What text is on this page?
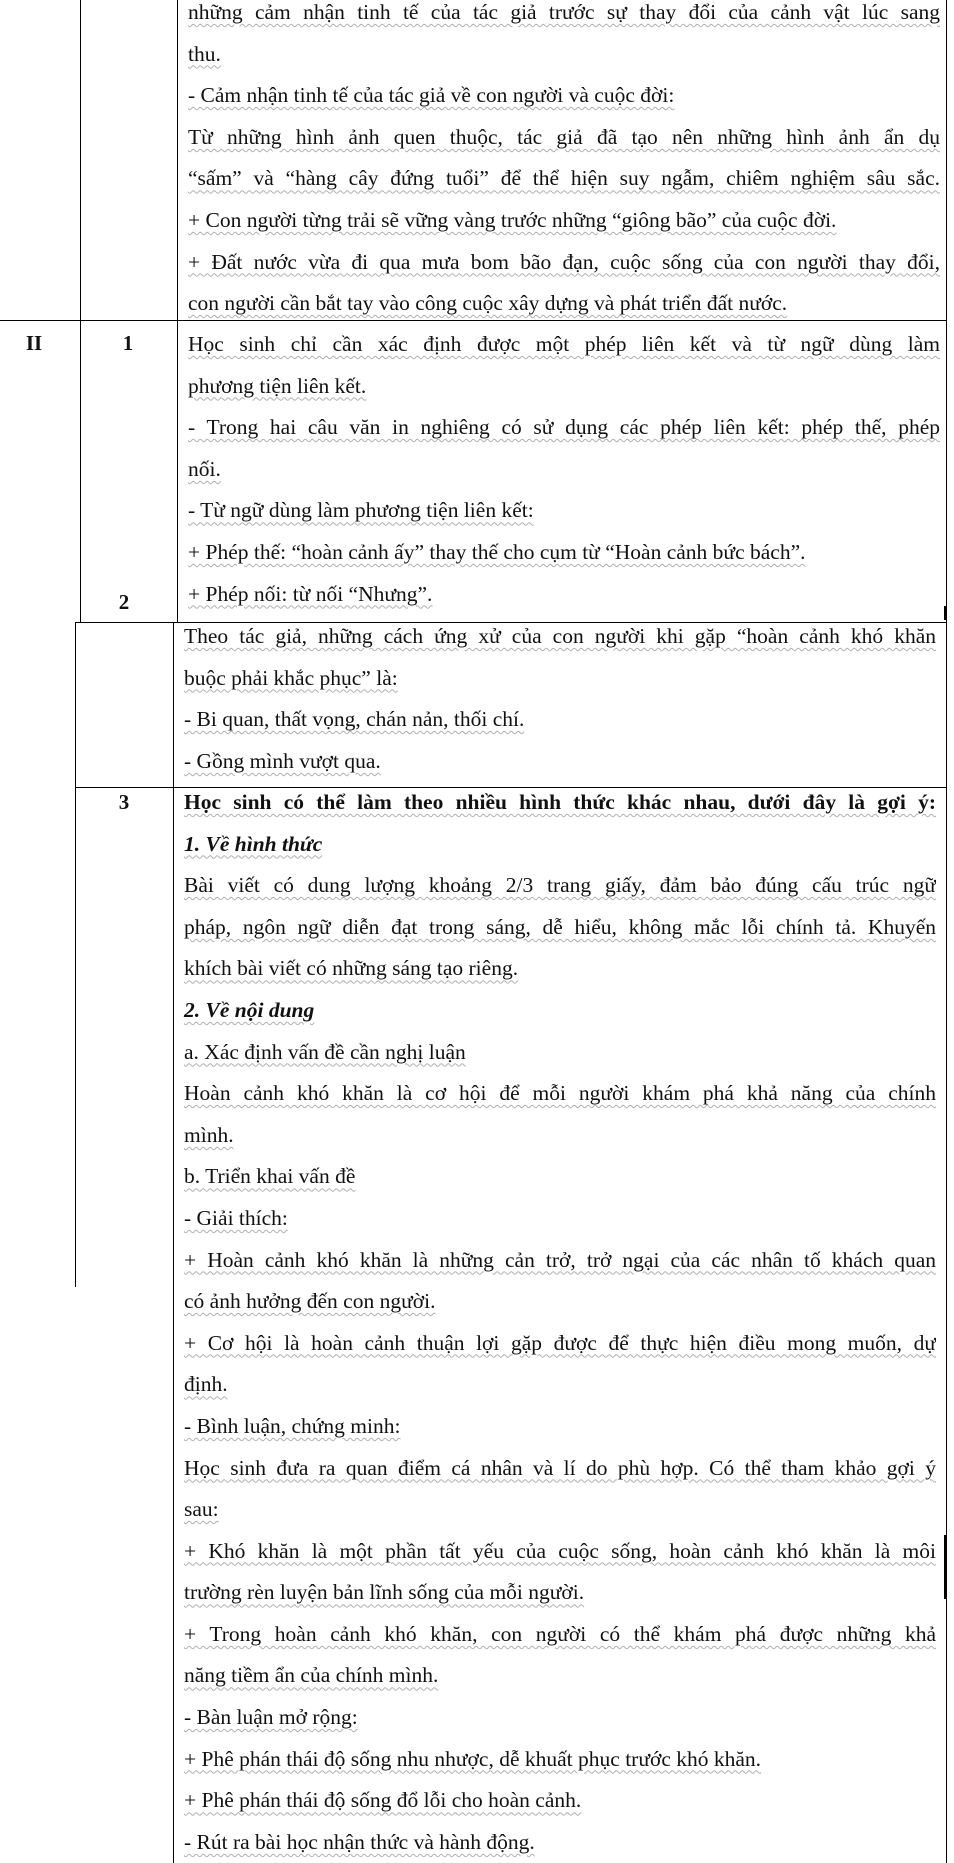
II	1
2
3
những cảm nhận tinh tế của tác giả trước sự thay đổi của cảnh vật lúc sang
thu.
- Cảm nhận tinh tế của tác giả về con người và cuộc đời:
Từ những hình ảnh quen thuộc, tác giả đã tạo nên những hình ảnh ẩn dụ
“sấm” và “hàng cây đứng tuổi” để thể hiện suy ngẫm, chiêm nghiệm sâu sắc.
+ Con người từng trải sẽ vững vàng trước những “giông bão” của cuộc đời.
+ Đất nước vừa đi qua mưa bom bão đạn, cuộc sống của con người thay đổi,
con người cần bắt tay vào công cuộc xây dựng và phát triển đất nước.
Học sinh chỉ cần xác định được một phép liên kết và từ ngữ dùng làm
phương tiện liên kết.
- Trong hai câu văn in nghiêng có sử dụng các phép liên kết: phép thế, phép
nối.
- Từ ngữ dùng làm phương tiện liên kết:
+ Phép thế: “hoàn cảnh ấy” thay thế cho cụm từ “Hoàn cảnh bức bách”.
+ Phép nối: từ nối “Nhưng”.
Theo tác giả, những cách ứng xử của con người khi gặp “hoàn cảnh khó khăn
buộc phải khắc phục” là:
- Bi quan, thất vọng, chán nản, thối chí.
- Gồng mình vượt qua.
Học sinh có thể làm theo nhiều hình thức khác nhau, dưới đây là gợi ý:
1. Về hình thức
Bài viết có dung lượng khoảng 2/3 trang giấy, đảm bảo đúng cấu trúc ngữ
pháp, ngôn ngữ diễn đạt trong sáng, dễ hiểu, không mắc lỗi chính tả. Khuyến
khích bài viết có những sáng tạo riêng.
2. Về nội dung
a. Xác định vấn đề cần nghị luận
Hoàn cảnh khó khăn là cơ hội để mỗi người khám phá khả năng của chính
mình.
b. Triển khai vấn đề
- Giải thích:
+ Hoàn cảnh khó khăn là những cản trở, trở ngại của các nhân tố khách quan
có ảnh hưởng đến con người.
+ Cơ hội là hoàn cảnh thuận lợi gặp được để thực hiện điều mong muốn, dự
định.
- Bình luận, chứng minh:
Học sinh đưa ra quan điểm cá nhân và lí do phù hợp. Có thể tham khảo gợi ý
sau:
+ Khó khăn là một phần tất yếu của cuộc sống, hoàn cảnh khó khăn là môi
trường rèn luyện bản lĩnh sống của mỗi người.
+ Trong hoàn cảnh khó khăn, con người có thể khám phá được những khả
năng tiềm ẩn của chính mình.
- Bàn luận mở rộng:
+ Phê phán thái độ sống nhu nhược, dễ khuất phục trước khó khăn.
+ Phê phán thái độ sống đổ lỗi cho hoàn cảnh.
- Rút ra bài học nhận thức và hành động.
